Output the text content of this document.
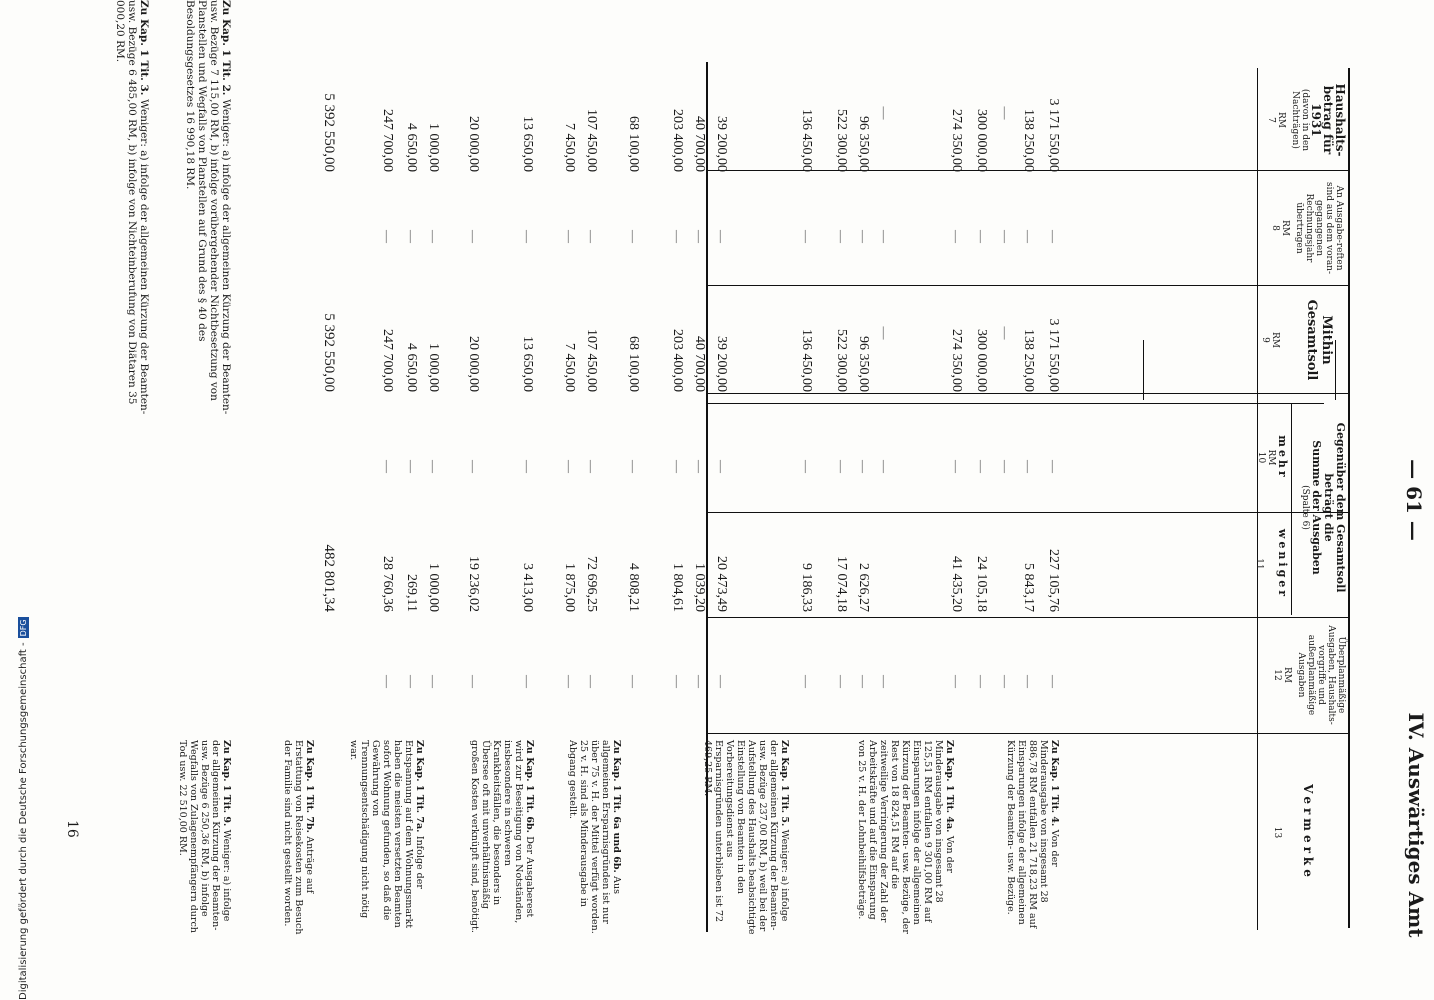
— 61 —
IV. Auswärtiges Amt
Haushalts-
betrag für
1931
(davon in den Nachträgen)
RM
7
An Ausgabe-reften sind aus dem voran-gegangenen Rechnungsjahr übertragen
RM
8
Mithin
Gesamtsoll
RM
9
Gegenüber dem Gesamtsoll
beträgt die
Summe der Ausgaben
(Spalte 6)
mehr
RM
10
weniger
11
Überplanmäßige Ausgaben, Haushalts-vorgriffe und außerplanmäßige Ausgaben
RM
12
Vermerke
13
3 171 550,00
3 171 550,00
138 250,00
138 250,00
—
—
300 000,00
300 000,00
274 350,00
274 350,00
136 450,00
136 450,00
—
—
96 350,00
96 350,00
522 300,00
522 300,00
39 200,00
39 200,00
40 700,00
40 700,00
203 400,00
203 400,00
68 100,00
68 100,00
107 450,00
107 450,00
7 450,00
7 450,00
13 650,00
13 650,00
20 000,00
20 000,00
1 000,00
1 000,00
4 650,00
4 650,00
247 700,00
247 700,00
227 105,76
5 843,17
24 105,18
41 435,20
9 186,33	2 626,27
17 074,18
20 473,49
1 039,20
1 804,61
4 808,21
72 696,25
1 875,00
3 413,00
19 236,02
1 000,00
269,11
28 760,36
—
—
—
—
—
—
—
—
—
—
—
—
—
—
—
—
—
—
—
—
—
—
—
—
—
—
—
—
—
—
—
—
—
—
—
—
—
—
—
—
—
—
—
—
—
—
—
—
—
—
—
—
—
—
—
—
—
—
—
—
5 392 550,00
5 392 550,00
482 801,34
Zu Kap. 1 Tit. 4. Von der Minderausgabe von insgesamt 28 886,78 RM entfallen 21 718,23 RM auf Einsparungen infolge der allgemeinen Kürzung der Beamten- usw. Bezüge.
Zu Kap. 1 Tit. 4a. Von der Minderausgabe von insgesamt 28 125,51 RM entfallen 9 301,00 RM auf Einsparungen infolge der allgemeinen Kürzung der Beamten- usw. Bezüge, der Rest von 18 824,51 RM auf die zeitweilige Verringerung der Zahl der Arbeitskräfte und auf die Einsparung von 25 v. H. der Lohnbeihilfsbeträge.
Zu Kap. 1 Tit. 5. Weniger: a) infolge der allgemeinen Kürzung der Beamten- usw. Bezüge 237,00 RM, b) weil bei der Aufstellung des Haushalts beabsichtigte Einstellung von Beamten in den Vorbereitungsdienst aus Ersparnisgründen unterblieben ist 72 469,25 RM.
Zu Kap. 1 Tit. 6a und 6b. Aus allgemeinen Ersparnisgründen ist nur über 75 v. H. der Mittel verfügt worden. 25 v. H. sind als Minderausgabe in Abgang gestellt.
Zu Kap. 1 Tit. 6b. Der Ausgaberest wird zur Beseitigung von Notständen, insbesondere in schweren Krankheitsfällen, die besonders in Übersee oft mit unverhältnismäßig großen Kosten verknüpft sind, benötigt.
Zu Kap. 1 Tit. 7a. Infolge der Entspannung auf dem Wohnungsmarkt haben die meisten versetzten Beamten sofort Wohnung gefunden, so daß die Gewährung von Trennungsentschädigung nicht nötig war.
Zu Kap. 1 Tit. 7b. Anträge auf Erstattung von Reisekosten zum Besuch der Familie sind nicht gestellt worden.
Zu Kap. 1 Tit. 9. Weniger: a) infolge der allgemeinen Kürzung der Beamten- usw. Bezüge 6 250,36 RM, b) infolge Wegfalls von Zulagenempfängern durch Tod usw. 22 510,00 RM.
Zu Kap. 1 Tit. 2. Weniger: a) infolge der allgemeinen Kürzung der Beamten- usw. Bezüge 7 115,00 RM, b) infolge vorübergehender Nichtbesetzung von Planstellen und Wegfalls von Planstellen auf Grund des § 40 des Besoldungsgesetzes 16 990,18 RM.
Zu Kap. 1 Tit. 3. Weniger: a) infolge der allgemeinen Kürzung der Beamten- usw. Bezüge 6 485,00 RM, b) infolge von Nichteinberufung von Diätaren 35 000,20 RM.
16
Digitalisierung gefördert durch die Deutsche Forschungsgemeinschaft -DFG
